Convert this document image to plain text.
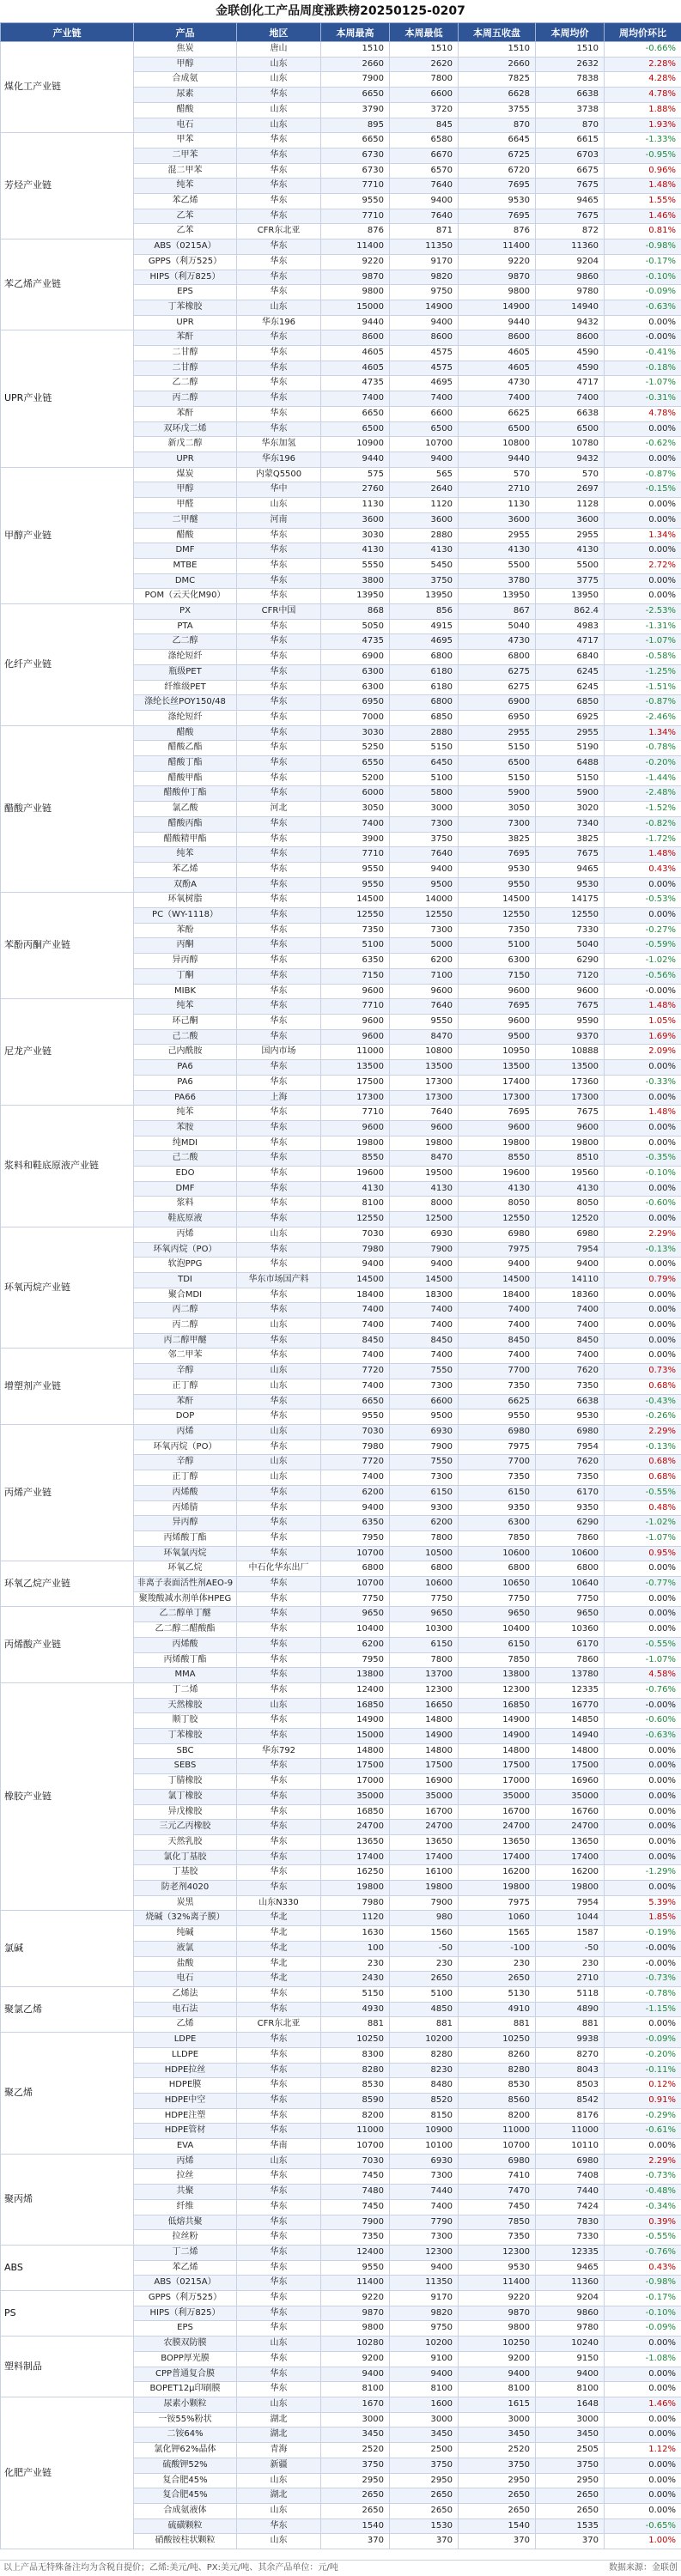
金联创化工产品周度涨跌榜20250125-0207
产业链	产品	地区	本周最高	本周最低	本周五收盘	本周均价	周均价环比
煤化工产业链	焦炭	唐山	1510	1510	1510	1510	-0.66%
	甲醇	山东	2660	2620	2660	2632	2.28%
	合成氨	山东	7900	7800	7825	7838	4.28%
	尿素	华东	6650	6600	6628	6638	4.78%
	醋酸	山东	3790	3720	3755	3738	1.88%
	电石	山东	895	845	870	870	1.93%
芳烃产业链	甲苯	华东	6650	6580	6645	6615	-1.33%
	二甲苯	华东	6730	6670	6725	6703	-0.95%
	混二甲苯	华东	6730	6570	6720	6675	0.96%
	纯苯	华东	7710	7640	7695	7675	1.48%
	苯乙烯	华东	9550	9400	9530	9465	1.55%
	乙苯	华东	7710	7640	7695	7675	1.46%
	乙苯	CFR东北亚	876	871	876	872	0.81%
苯乙烯产业链	ABS（0215A）	华东	11400	11350	11400	11360	-0.98%
	GPPS（利万525）	华东	9220	9170	9220	9204	-0.17%
	HIPS（利万825）	华东	9870	9820	9870	9860	-0.10%
	EPS	华东	9800	9750	9800	9780	-0.09%
	丁苯橡胶	山东	15000	14900	14900	14940	-0.63%
	UPR	华东196	9440	9400	9440	9432	0.00%
UPR产业链	苯酐	华东	8600	8600	8600	8600	-0.00%
	二甘醇	华东	4605	4575	4605	4590	-0.41%
	二甘醇	华东	4605	4575	4605	4590	-0.18%
	乙二醇	华东	4735	4695	4730	4717	-1.07%
	丙二醇	华东	7400	7400	7400	7400	-0.31%
	苯酐	华东	6650	6600	6625	6638	4.78%
	双环戊二烯	华东	6500	6500	6500	6500	0.00%
	新戊二醇	华东加氢	10900	10700	10800	10780	-0.62%
	UPR	华东196	9440	9400	9440	9432	0.00%
甲醇产业链	煤炭	内蒙Q5500	575	565	570	570	-0.87%
	甲醇	华中	2760	2640	2710	2697	-0.15%
	甲醛	山东	1130	1120	1130	1128	0.00%
	二甲醚	河南	3600	3600	3600	3600	0.00%
	醋酸	华东	3030	2880	2955	2955	1.34%
	DMF	华东	4130	4130	4130	4130	0.00%
	MTBE	华东	5550	5450	5500	5500	2.72%
	DMC	华东	3800	3750	3780	3775	0.00%
	POM（云天化M90）	华东	13950	13950	13950	13950	0.00%
化纤产业链	PX	CFR中国	868	856	867	862.4	-2.53%
	PTA	华东	5050	4915	5040	4983	-1.31%
	乙二醇	华东	4735	4695	4730	4717	-1.07%
	涤纶短纤	华东	6900	6800	6800	6840	-0.58%
	瓶级PET	华东	6300	6180	6275	6245	-1.25%
	纤维级PET	华东	6300	6180	6275	6245	-1.51%
	涤纶长丝POY150/48	华东	6950	6800	6900	6850	-0.87%
	涤纶短纤	华东	7000	6850	6950	6925	-2.46%
醋酸产业链	醋酸	华东	3030	2880	2955	2955	1.34%
	醋酸乙酯	华东	5250	5150	5150	5190	-0.78%
	醋酸丁酯	华东	6550	6450	6500	6488	-0.20%
	醋酸甲酯	华东	5200	5100	5150	5150	-1.44%
	醋酸仲丁酯	华东	6000	5800	5900	5900	-2.48%
	氯乙酸	河北	3050	3000	3050	3020	-1.52%
	醋酸丙酯	华东	7400	7300	7300	7340	-0.82%
	醋酸精甲酯	华东	3900	3750	3825	3825	-1.72%
	纯苯	华东	7710	7640	7695	7675	1.48%
	苯乙烯	华东	9550	9400	9530	9465	0.43%
	双酚A	华东	9550	9500	9550	9530	0.00%
苯酚丙酮产业链	环氧树脂	华东	14500	14000	14500	14175	-0.53%
	PC（WY-1118）	华东	12550	12550	12550	12550	0.00%
	苯酚	华东	7350	7300	7350	7330	-0.27%
	丙酮	华东	5100	5000	5100	5040	-0.59%
	异丙醇	华东	6350	6200	6300	6290	-1.02%
	丁酮	华东	7150	7100	7150	7120	-0.56%
	MIBK	华东	9600	9600	9600	9600	-0.00%
尼龙产业链	纯苯	华东	7710	7640	7695	7675	1.48%
	环己酮	华东	9600	9550	9600	9590	1.05%
	己二酸	华东	9600	8470	9500	9370	1.69%
	己内酰胺	国内市场	11000	10800	10950	10888	2.09%
	PA6	华东	13500	13500	13500	13500	0.00%
	PA6	华东	17500	17300	17400	17360	-0.33%
	PA66	上海	17300	17300	17300	17300	0.00%
浆料和鞋底原液产业链	纯苯	华东	7710	7640	7695	7675	1.48%
	苯胺	华东	9600	9600	9600	9600	0.00%
	纯MDI	华东	19800	19800	19800	19800	0.00%
	己二酸	华东	8550	8470	8550	8510	-0.35%
	EDO	华东	19600	19500	19600	19560	-0.10%
	DMF	华东	4130	4130	4130	4130	0.00%
	浆料	华东	8100	8000	8050	8050	-0.60%
	鞋底原液	华东	12550	12500	12550	12520	0.00%
环氧丙烷产业链	丙烯	山东	7030	6930	6980	6980	2.29%
	环氧丙烷（PO）	华东	7980	7900	7975	7954	-0.13%
	软泡PPG	华东	9400	9400	9400	9400	0.00%
	TDI	华东市场国产料	14500	14500	14500	14110	0.79%
	聚合MDI	华东	18400	18300	18400	18360	0.00%
	丙二醇	华东	7400	7400	7400	7400	0.00%
	丙二醇	山东	7400	7400	7400	7400	0.00%
	丙二醇甲醚	华东	8450	8450	8450	8450	0.00%
增塑剂产业链	邻二甲苯	华东	7400	7400	7400	7400	0.00%
	辛醇	山东	7720	7550	7700	7620	0.73%
	正丁醇	山东	7400	7300	7350	7350	0.68%
	苯酐	华东	6650	6600	6625	6638	-0.43%
	DOP	华东	9550	9500	9550	9530	-0.26%
丙烯产业链	丙烯	山东	7030	6930	6980	6980	2.29%
	环氧丙烷（PO）	华东	7980	7900	7975	7954	-0.13%
	辛醇	山东	7720	7550	7700	7620	0.68%
	正丁醇	山东	7400	7300	7350	7350	0.68%
	丙烯酸	华东	6200	6150	6150	6170	-0.55%
	丙烯腈	华东	9400	9300	9350	9350	0.48%
	异丙醇	华东	6350	6200	6300	6290	-1.02%
	丙烯酸丁酯	华东	7950	7800	7850	7860	-1.07%
	环氧氯丙烷	华东	10700	10500	10600	10600	0.95%
环氧乙烷产业链	环氧乙烷	中石化华东出厂	6800	6800	6800	6800	0.00%
	非离子表面活性剂AEO-9	华东	10700	10600	10650	10640	-0.77%
	聚羧酸减水剂单体HPEG	华东	7750	7750	7750	7750	0.00%
丙烯酸产业链	乙二醇单丁醚	华东	9650	9650	9650	9650	0.00%
	乙二醇二醋酸酯	华东	10400	10300	10400	10360	0.00%
	丙烯酸	华东	6200	6150	6150	6170	-0.55%
	丙烯酸丁酯	华东	7950	7800	7850	7860	-1.07%
	MMA	华东	13800	13700	13800	13780	4.58%
橡胶产业链	丁二烯	华东	12400	12300	12300	12335	-0.76%
	天然橡胶	山东	16850	16650	16850	16770	-0.00%
	顺丁胶	华东	14900	14800	14900	14850	-0.60%
	丁苯橡胶	华东	15000	14900	14900	14940	-0.63%
	SBC	华东792	14800	14800	14800	14800	0.00%
	SEBS	华东	17500	17500	17500	17500	0.00%
	丁腈橡胶	华东	17000	16900	17000	16960	0.00%
	氯丁橡胶	华东	35000	35000	35000	35000	0.00%
	异戊橡胶	华东	16850	16700	16700	16760	0.00%
	三元乙丙橡胶	华东	24700	24700	24700	24700	0.00%
	天然乳胶	华东	13650	13650	13650	13650	0.00%
	氯化丁基胶	华东	17400	17400	17400	17400	0.00%
	丁基胶	华东	16250	16100	16200	16200	-1.29%
	防老剂4020	华东	19800	19800	19800	19800	0.00%
	炭黑	山东N330	7980	7900	7975	7954	5.39%
氯碱	烧碱（32%离子膜）	华北	1120	980	1060	1044	1.85%
	纯碱	华北	1630	1560	1565	1587	-0.19%
	液氯	华北	100	-50	-100	-50	-0.00%
	盐酸	华北	230	230	230	230	-0.00%
	电石	华北	2430	2650	2650	2710	-0.73%
聚氯乙烯	乙烯法	华东	5150	5100	5130	5118	-0.78%
	电石法	华东	4930	4850	4910	4890	-1.15%
	乙烯	CFR东北亚	881	881	881	881	0.00%
聚乙烯	LDPE	华东	10250	10200	10250	9938	-0.09%
	LLDPE	华东	8300	8280	8260	8270	-0.20%
	HDPE拉丝	华东	8280	8230	8280	8043	-0.11%
	HDPE膜	华东	8530	8480	8530	8503	0.12%
	HDPE中空	华东	8590	8520	8560	8542	0.91%
	HDPE注塑	华东	8200	8150	8200	8176	-0.29%
	HDPE管材	华东	11000	10900	11000	11000	-0.61%
	EVA	华南	10700	10100	10700	10110	0.00%
聚丙烯	丙烯	山东	7030	6930	6980	6980	2.29%
	拉丝	华东	7450	7300	7410	7408	-0.73%
	共聚	华东	7480	7440	7470	7440	-0.48%
	纤维	华东	7450	7400	7450	7424	-0.34%
	低熔共聚	华东	7900	7790	7850	7830	0.39%
	拉丝粉	华东	7350	7300	7350	7330	-0.55%
ABS	丁二烯	华东	12400	12300	12300	12335	-0.76%
	苯乙烯	华东	9550	9400	9530	9465	0.43%
	ABS（0215A）	华东	11400	11350	11400	11360	-0.98%
PS	GPPS（利万525）	华东	9220	9170	9220	9204	-0.17%
	HIPS（利万825）	华东	9870	9820	9870	9860	-0.10%
	EPS	华东	9800	9750	9800	9780	-0.09%
塑料制品	农膜双防膜	山东	10280	10200	10250	10240	0.00%
	BOPP厚光膜	华东	9200	9100	9200	9150	-1.08%
	CPP普通复合膜	华东	9400	9400	9400	9400	0.00%
	BOPET12μ印刷膜	华东	8100	8100	8100	8100	0.00%
化肥产业链	尿素小颗粒	山东	1670	1600	1615	1648	1.46%
	一铵55%粉状	湖北	3000	3000	3000	3000	0.00%
	二铵64%	湖北	3450	3450	3450	3450	0.00%
	氯化钾62%晶体	青海	2520	2500	2520	2505	1.12%
	硫酸钾52%	新疆	3750	3750	3750	3750	0.00%
	复合肥45%	山东	2950	2950	2950	2950	0.00%
	复合肥45%	湖北	2650	2650	2650	2650	0.00%
	合成氨液体	山东	2650	2650	2650	2650	0.00%
	硫磺颗粒	华东	1540	1530	1540	1535	-0.65%
	硝酸铵柱状颗粒	山东	370	370	370	370	1.00%
以上产品无特殊备注均为含税自提价；乙烯:美元/吨、PX:美元/吨、其余产品单位：元/吨	数据来源：金联创
